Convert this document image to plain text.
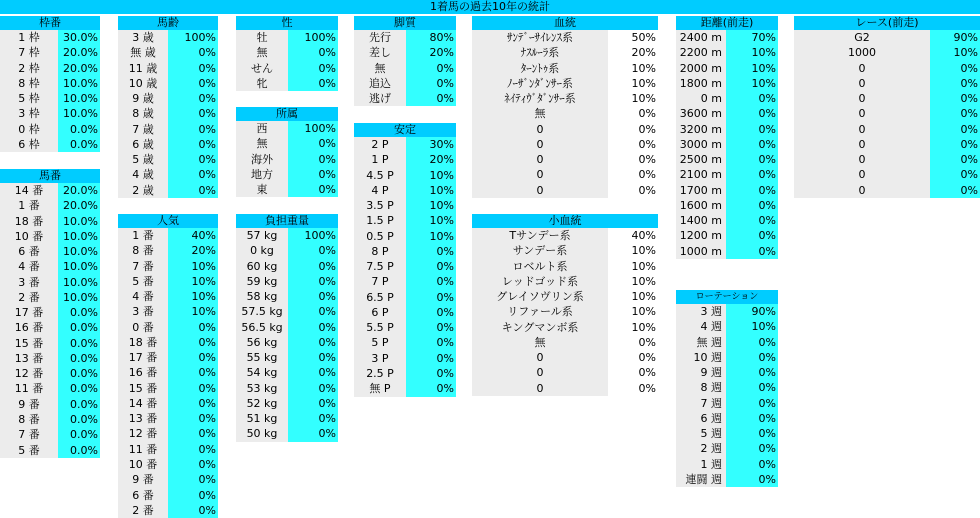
1着馬の過去10年の統計
枠番
1 枠	30.0%
7 枠	20.0%
2 枠	20.0%
8 枠	10.0%
5 枠	10.0%
3 枠	10.0%
0 枠	0.0%
6 枠	0.0%
馬番
14 番	20.0%
1 番	20.0%
18 番	10.0%
10 番	10.0%
6 番	10.0%
4 番	10.0%
3 番	10.0%
2 番	10.0%
17 番	0.0%
16 番	0.0%
15 番	0.0%
13 番	0.0%
12 番	0.0%
11 番	0.0%
9 番	0.0%
8 番	0.0%
7 番	0.0%
5 番	0.0%
馬齢
3 歳	100%
無 歳	0%
11 歳	0%
10 歳	0%
9 歳	0%
8 歳	0%
7 歳	0%
6 歳	0%
5 歳	0%
4 歳	0%
2 歳	0%
人気
1 番	40%
8 番	20%
7 番	10%
5 番	10%
4 番	10%
3 番	10%
0 番	0%
18 番	0%
17 番	0%
16 番	0%
15 番	0%
14 番	0%
13 番	0%
12 番	0%
11 番	0%
10 番	0%
9 番	0%
6 番	0%
2 番	0%
性
牡	100%
無	0%
せん	0%
牝	0%
所属
西	100%
無	0%
海外	0%
地方	0%
東	0%
負担重量
57 kg	100%
0 kg	0%
60 kg	0%
59 kg	0%
58 kg	0%
57.5 kg	0%
56.5 kg	0%
56 kg	0%
55 kg	0%
54 kg	0%
53 kg	0%
52 kg	0%
51 kg	0%
50 kg	0%
脚質
先行	80%
差し	20%
無	0%
追込	0%
逃げ	0%
安定
2 P	30%
1 P	20%
4.5 P	10%
4 P	10%
3.5 P	10%
1.5 P	10%
0.5 P	10%
8 P	0%
7.5 P	0%
7 P	0%
6.5 P	0%
6 P	0%
5.5 P	0%
5 P	0%
3 P	0%
2.5 P	0%
無 P	0%
血統
ｻﾝﾃﾞｰｻｲﾚﾝｽ系	50%
ﾅｽﾙｰﾗ系	20%
ﾀｰﾝﾄｩ系	10%
ﾉｰｻﾞﾝﾀﾞﾝｻｰ系	10%
ﾈｲﾃｨｳﾞﾀﾞﾝｻｰ系	10%
無	0%
0	0%
0	0%
0	0%
0	0%
0	0%
小血統
Tサンデー系	40%
サンデー系	10%
ロベルト系	10%
レッドゴッド系	10%
グレイソヴリン系	10%
リファール系	10%
キングマンボ系	10%
無	0%
0	0%
0	0%
0	0%
距離(前走)
2400 m	70%
2200 m	10%
2000 m	10%
1800 m	10%
0 m	0%
3600 m	0%
3200 m	0%
3000 m	0%
2500 m	0%
2100 m	0%
1700 m	0%
1600 m	0%
1400 m	0%
1200 m	0%
1000 m	0%
ローテーション
3 週	90%
4 週	10%
無 週	0%
10 週	0%
9 週	0%
8 週	0%
7 週	0%
6 週	0%
5 週	0%
2 週	0%
1 週	0%
連闘 週	0%
レース(前走)
G2	90%
1000	10%
0	0%
0	0%
0	0%
0	0%
0	0%
0	0%
0	0%
0	0%
0	0%
